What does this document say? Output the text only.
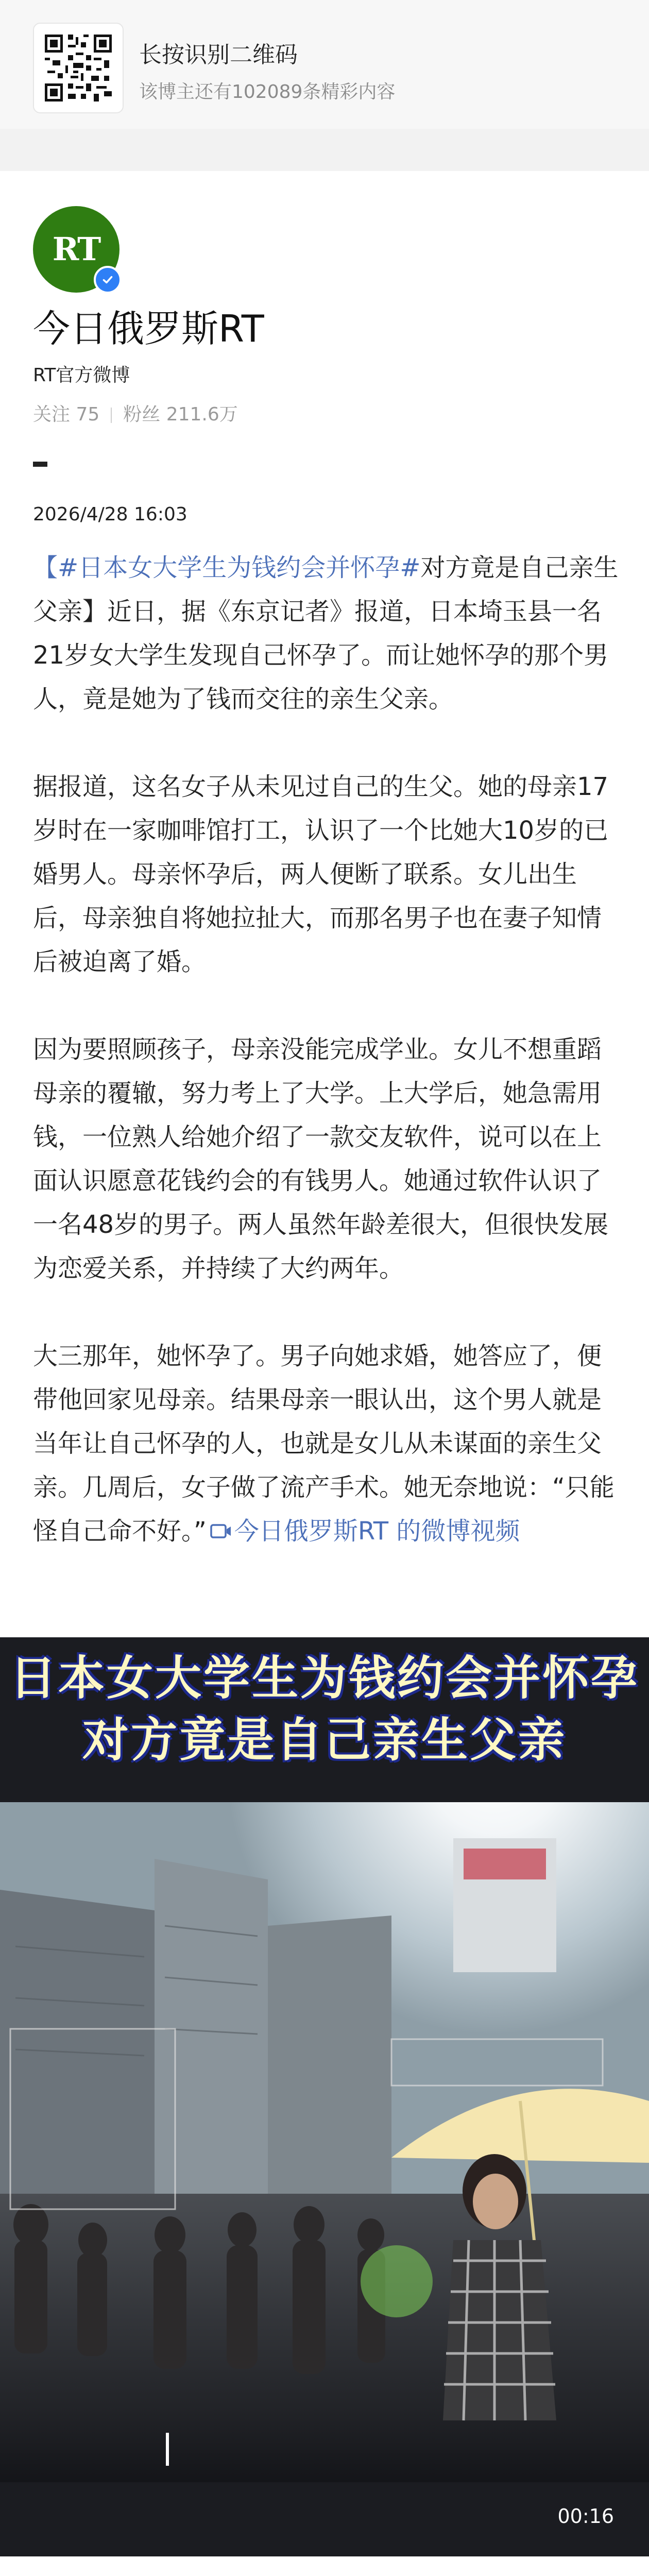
长按识别二维码
该博主还有102089条精彩内容
RT
今日俄罗斯RT
RT官方微博
关注 75 粉丝 211.6万
2026/4/28 16:03

【#日本女大学生为钱约会并怀孕#对方竟是自己亲生父亲】近日，据《东京记者》报道，日本埼玉县一名21岁女大学生发现自己怀孕了。而让她怀孕的那个男人，竟是她为了钱而交往的亲生父亲。

据报道，这名女子从未见过自己的生父。她的母亲17岁时在一家咖啡馆打工，认识了一个比她大10岁的已婚男人。母亲怀孕后，两人便断了联系。女儿出生后，母亲独自将她拉扯大，而那名男子也在妻子知情后被迫离了婚。

因为要照顾孩子，母亲没能完成学业。女儿不想重蹈母亲的覆辙，努力考上了大学。上大学后，她急需用钱，一位熟人给她介绍了一款交友软件，说可以在上面认识愿意花钱约会的有钱男人。她通过软件认识了一名48岁的男子。两人虽然年龄差很大，但很快发展为恋爱关系，并持续了大约两年。

大三那年，她怀孕了。男子向她求婚，她答应了，便带他回家见母亲。结果母亲一眼认出，这个男人就是当年让自己怀孕的人，也就是女儿从未谋面的亲生父亲。几周后，女子做了流产手术。她无奈地说：“只能怪自己命不好。” 今日俄罗斯RT 的微博视频

日本女大学生为钱约会并怀孕
对方竟是自己亲生父亲
00:16
